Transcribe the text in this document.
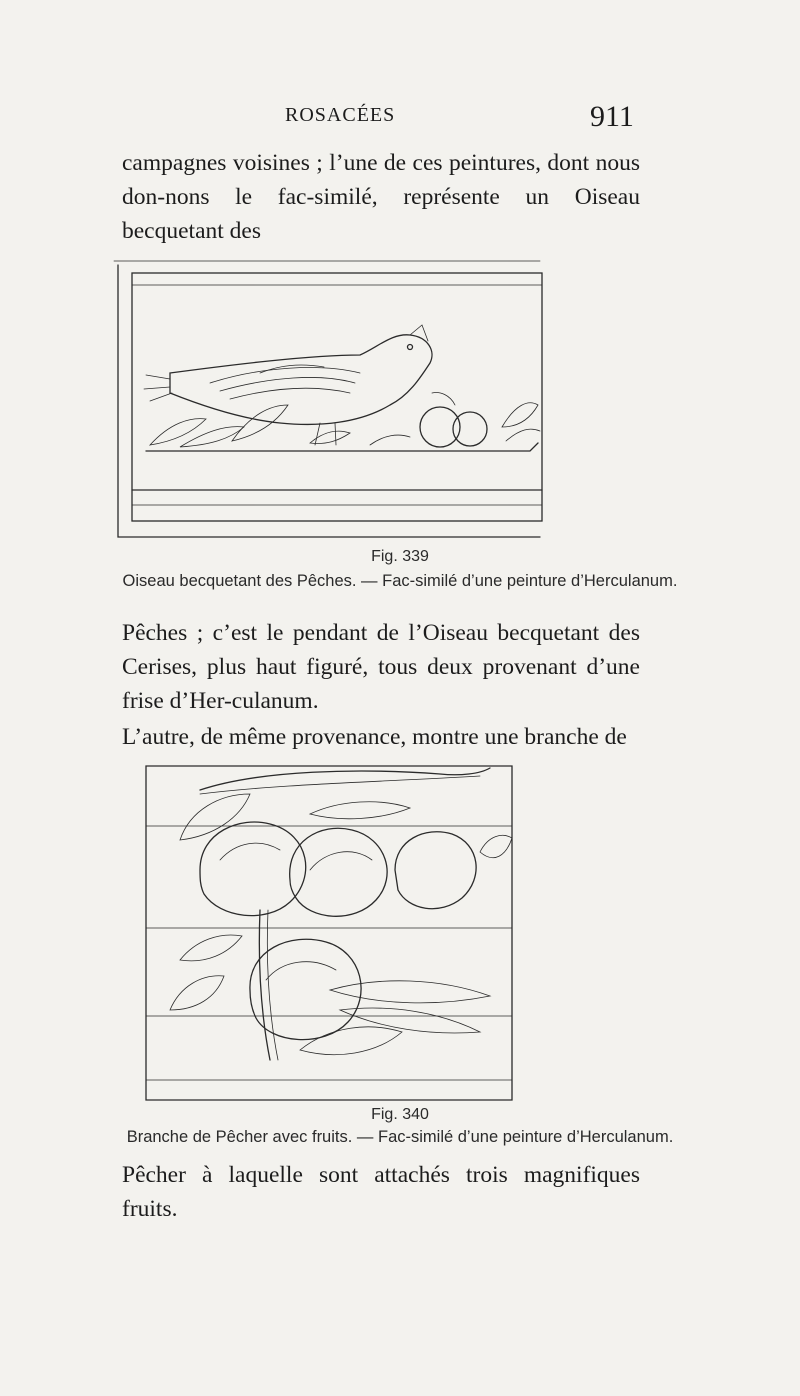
ROSACÉES	911

campagnes voisines ; l’une de ces peintures, dont nous don-nons le fac-similé, représente un Oiseau becquetant des

Fig. 339

Oiseau becquetant des Pêches. — Fac-similé d’une peinture d’Herculanum.

Pêches ; c’est le pendant de l’Oiseau becquetant des Cerises, plus haut figuré, tous deux provenant d’une frise d’Her-culanum.

L’autre, de même provenance, montre une branche de

Fig. 340

Branche de Pêcher avec fruits. — Fac-similé d’une peinture d’Herculanum.

Pêcher à laquelle sont attachés trois magnifiques fruits.
